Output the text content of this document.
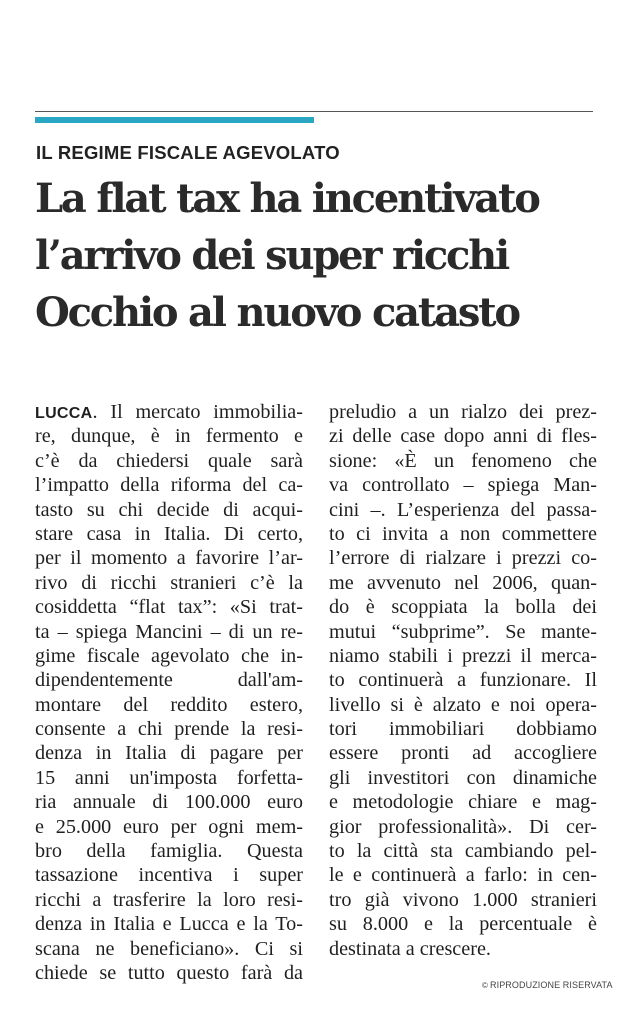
IL REGIME FISCALE AGEVOLATO
La flat tax ha incentivato
l’arrivo dei super ricchi
Occhio al nuovo catasto
LUCCA. Il mercato immobilia-
re, dunque, è in fermento e
c’è da chiedersi quale sarà
l’impatto della riforma del ca-
tasto su chi decide di acqui-
stare casa in Italia. Di certo,
per il momento a favorire l’ar-
rivo di ricchi stranieri c’è la
cosiddetta “flat tax”: «Si trat-
ta – spiega Mancini – di un re-
gime fiscale agevolato che in-
dipendentemente dall'am-
montare del reddito estero,
consente a chi prende la resi-
denza in Italia di pagare per
15 anni un'imposta forfetta-
ria annuale di 100.000 euro
e 25.000 euro per ogni mem-
bro della famiglia. Questa
tassazione incentiva i super
ricchi a trasferire la loro resi-
denza in Italia e Lucca e la To-
scana ne beneficiano». Ci si
chiede se tutto questo farà da
preludio a un rialzo dei prez-
zi delle case dopo anni di fles-
sione: «È un fenomeno che
va controllato – spiega Man-
cini –. L’esperienza del passa-
to ci invita a non commettere
l’errore di rialzare i prezzi co-
me avvenuto nel 2006, quan-
do è scoppiata la bolla dei
mutui “subprime”. Se mante-
niamo stabili i prezzi il merca-
to continuerà a funzionare. Il
livello si è alzato e noi opera-
tori immobiliari dobbiamo
essere pronti ad accogliere
gli investitori con dinamiche
e metodologie chiare e mag-
gior professionalità». Di cer-
to la città sta cambiando pel-
le e continuerà a farlo: in cen-
tro già vivono 1.000 stranieri
su 8.000 e la percentuale è
destinata a crescere.
© RIPRODUZIONE RISERVATA
